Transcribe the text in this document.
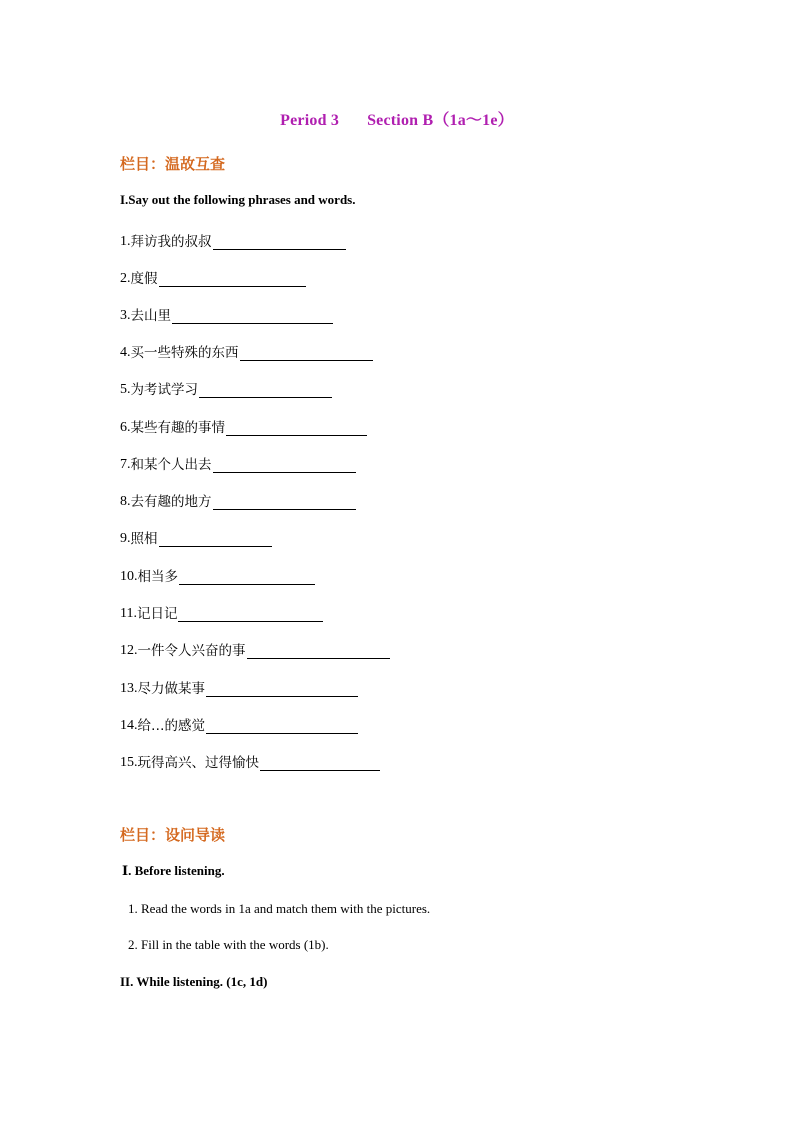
Period 3 Section B（1a～1e）
栏目：温故互查
I.Say out the following phrases and words.
1. 拜访我的叔叔
2. 度假
3. 去山里
4. 买一些特殊的东西
5. 为考试学习
6. 某些有趣的事情
7. 和某个人出去
8. 去有趣的地方
9. 照相
10. 相当多
11. 记日记
12. 一件令人兴奋的事
13. 尽力做某事
14. 给…的感觉
15. 玩得高兴、过得愉快
栏目：设问导读
Ⅰ. Before listening.
1. Read the words in 1a and match them with the pictures.
2. Fill in the table with the words (1b).
II. While listening. (1c, 1d)
